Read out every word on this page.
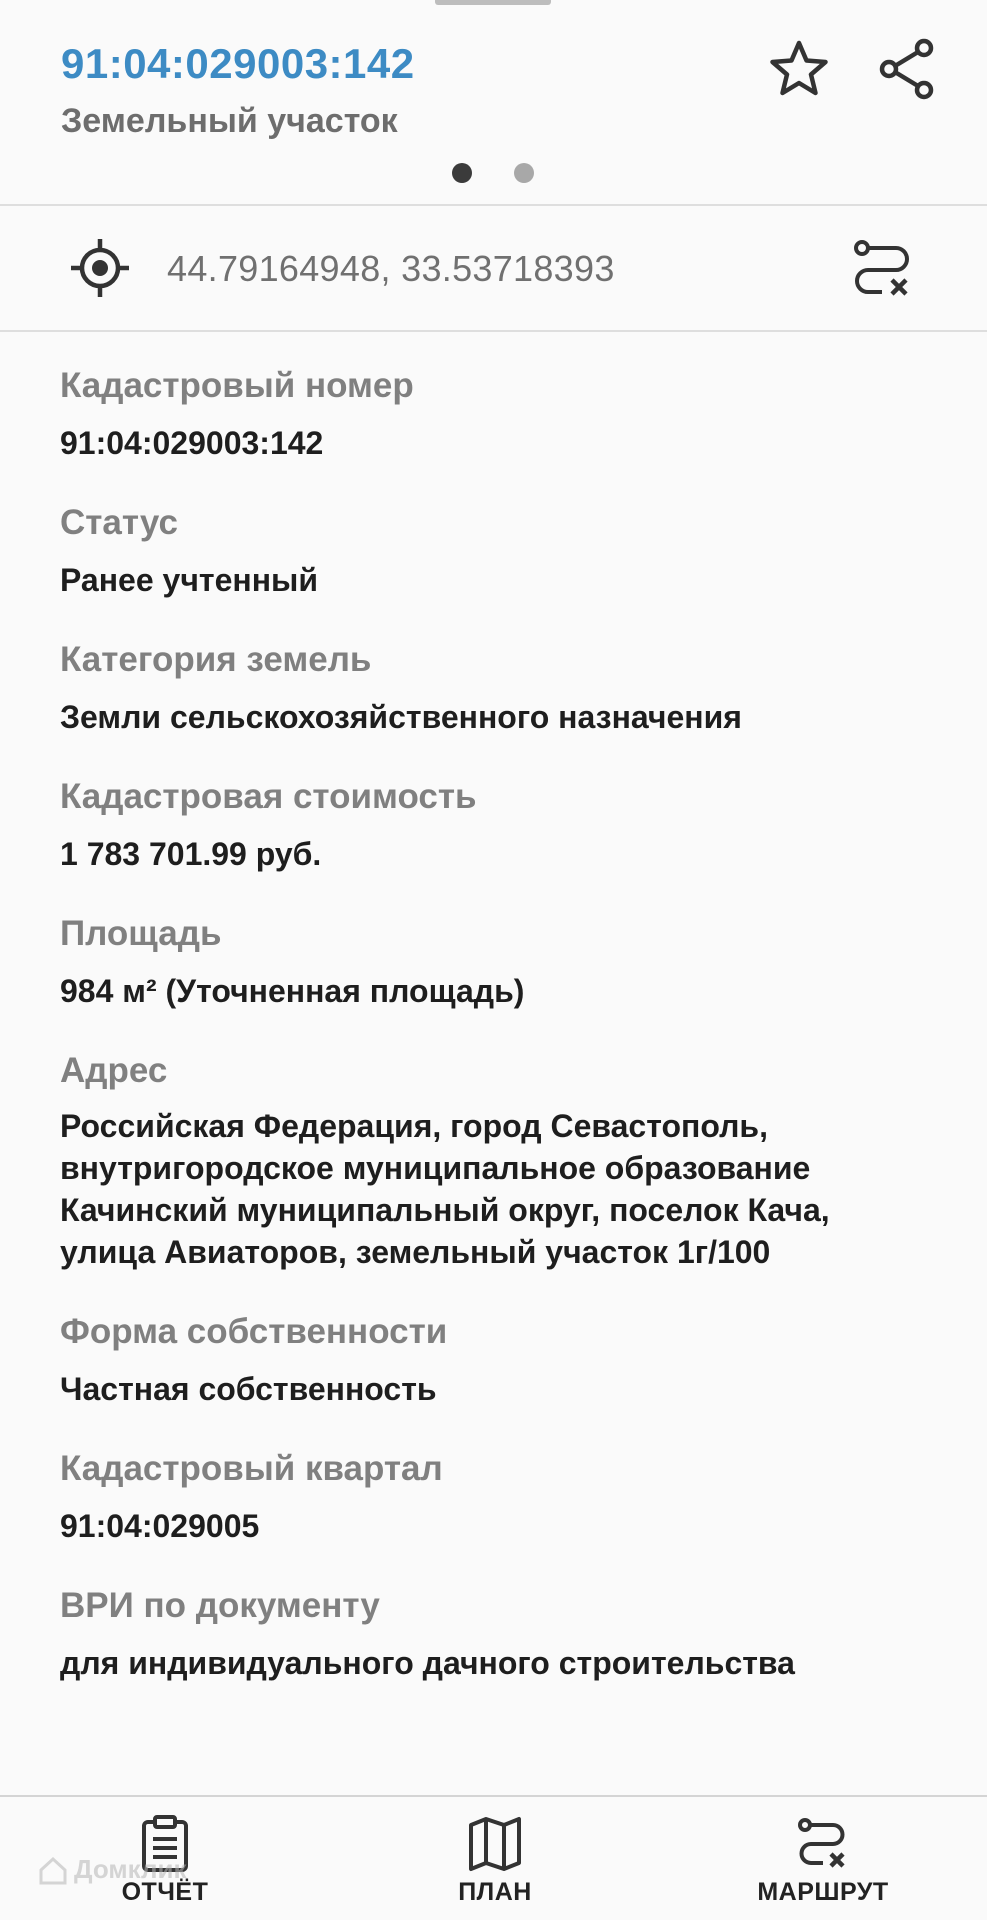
91:04:029003:142
Земельный участок
44.79164948, 33.53718393
Кадастровый номер
91:04:029003:142
Статус
Ранее учтенный
Категория земель
Земли сельскохозяйственного назначения
Кадастровая стоимость
1 783 701.99 руб.
Площадь
984 м² (Уточненная площадь)
Адрес
Российская Федерация, город Севастополь,
внутригородское муниципальное образование
Качинский муниципальный округ, поселок Кача,
улица Авиаторов, земельный участок 1г/100
Форма собственности
Частная собственность
Кадастровый квартал
91:04:029005
ВРИ по документу
для индивидуального дачного строительства
ОТЧЁТ	ПЛАН	МАРШРУТ
Домклик
